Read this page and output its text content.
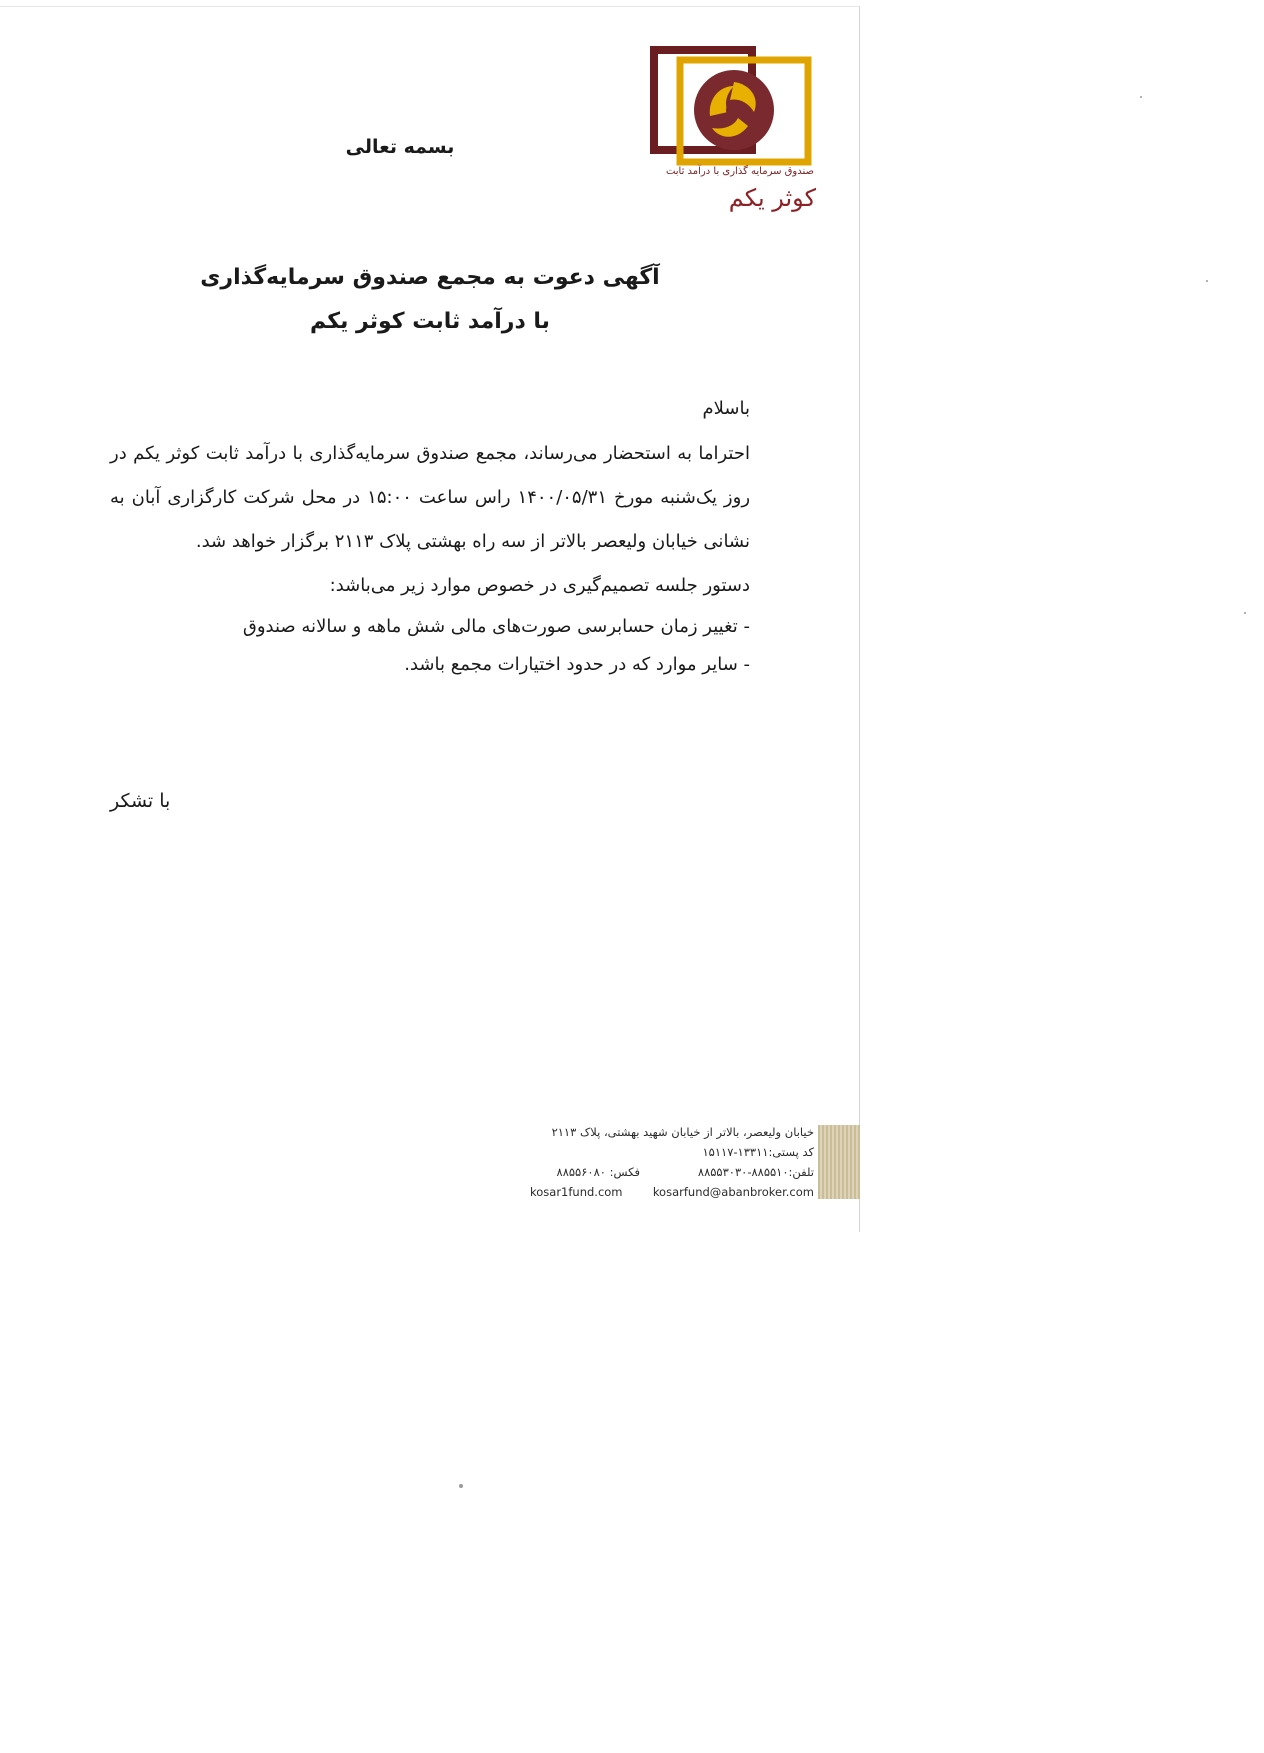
صندوق سرمایه گذاری با درآمد ثابت
کوثر یکم
بسمه تعالی
آگهی دعوت به مجمع صندوق سرمایه‌گذاری
با درآمد ثابت کوثر یکم
باسلام
احتراما به استحضار می‌رساند، مجمع صندوق سرمایه‌گذاری با درآمد ثابت کوثر یکم در روز یک‌شنبه مورخ ۱۴۰۰/۰۵/۳۱ راس ساعت ۱۵:۰۰ در محل شرکت کارگزاری آبان به نشانی خیابان ولیعصر بالاتر از سه راه بهشتی پلاک ۲۱۱۳ برگزار خواهد شد.
دستور جلسه تصمیم‌گیری در خصوص موارد زیر می‌باشد:
- تغییر زمان حسابرسی صورت‌های مالی شش ماهه و سالانه صندوق
- سایر موارد که در حدود اختیارات مجمع باشد.
با تشکر
خیابان ولیعصر، بالاتر از خیابان شهید بهشتی، پلاک ۲۱۱۳
کد پستی:۱۳۳۱۱-۱۵۱۱۷
تلفن:۸۸۵۵۱۰-۸۸۵۵۳۰۳۰
kosarfund@abanbroker.com
فکس: ۸۸۵۵۶۰۸۰
kosar1fund.com
